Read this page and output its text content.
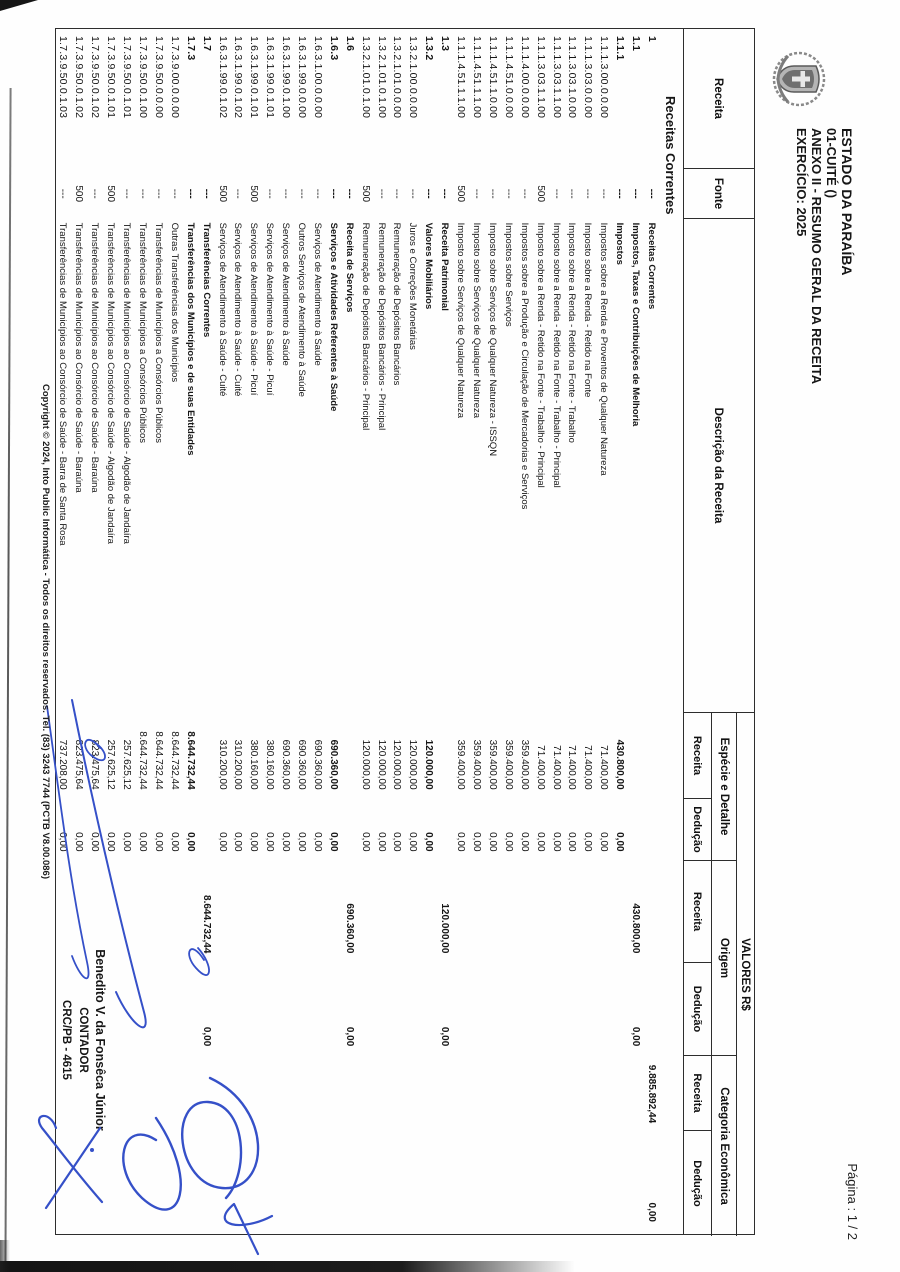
ESTADO DA PARAÍBA
01-CUITÉ ()
ANEXO II - RESUMO GERAL DA RECEITA
EXERCÍCIO: 2025
Página : 1 / 2
Receita
Fonte
Descrição da Receita
VALORES R$
Espécie e Detalhe
Origem
Categoria Econômica
Receita
Dedução
Receita
Dedução
Receita
Dedução
Receitas Correntes
1
---
Receitas Correntes
9.885.892,44
0,00
1.1
---
Impostos, Taxas e Contribuições de Melhoria
430.800,00
0,00
1.1.1
---
Impostos
430.800,00
0,00
1.1.1.3.00.0.0.00
---
Impostos sobre a Renda e Proventos de Qualquer Natureza
71.400,00
0,00
1.1.1.3.03.0.0.00
---
Imposto sobre a Renda - Retido na Fonte
71.400,00
0,00
1.1.1.3.03.1.0.00
---
Imposto sobre a Renda - Retido na Fonte - Trabalho
71.400,00
0,00
1.1.1.3.03.1.1.00
---
Imposto sobre a Renda - Retido na Fonte - Trabalho - Principal
71.400,00
0,00
1.1.1.3.03.1.1.00
500
Imposto sobre a Renda - Retido na Fonte - Trabalho - Principal
71.400,00
0,00
1.1.1.4.00.0.0.00
---
Impostos sobre a Produção e Circulação de Mercadorias e Serviços
359.400,00
0,00
1.1.1.4.51.0.0.00
---
Impostos sobre Serviços
359.400,00
0,00
1.1.1.4.51.1.0.00
---
Imposto sobre Serviços de Qualquer Natureza - ISSQN
359.400,00
0,00
1.1.1.4.51.1.1.00
---
Imposto sobre Serviços de Qualquer Natureza
359.400,00
0,00
1.1.1.4.51.1.1.00
500
Imposto sobre Serviços de Qualquer Natureza
359.400,00
0,00
1.3
---
Receita Patrimonial
120.000,00
0,00
1.3.2
---
Valores Mobiliários
120.000,00
0,00
1.3.2.1.00.0.0.00
---
Juros e Correções Monetárias
120.000,00
0,00
1.3.2.1.01.0.0.00
---
Remuneração de Depósitos Bancários
120.000,00
0,00
1.3.2.1.01.0.1.00
---
Remuneração de Depósitos Bancários - Principal
120.000,00
0,00
1.3.2.1.01.0.1.00
500
Remuneração de Depósitos Bancários - Principal
120.000,00
0,00
1.6
---
Receita de Serviços
690.360,00
0,00
1.6.3
---
Serviços e Atividades Referentes à Saúde
690.360,00
0,00
1.6.3.1.00.0.0.00
---
Serviços de Atendimento à Saúde
690.360,00
0,00
1.6.3.1.99.0.0.00
---
Outros Serviços de Atendimento à Saúde
690.360,00
0,00
1.6.3.1.99.0.1.00
---
Serviços de Atendimento à Saúde
690.360,00
0,00
1.6.3.1.99.0.1.01
---
Serviços de Atendimento à Saúde - Picuí
380.160,00
0,00
1.6.3.1.99.0.1.01
500
Serviços de Atendimento à Saúde - Picuí
380.160,00
0,00
1.6.3.1.99.0.1.02
---
Serviços de Atendimento à Saúde - Cuité
310.200,00
0,00
1.6.3.1.99.0.1.02
500
Serviços de Atendimento à Saúde - Cuité
310.200,00
0,00
1.7
---
Transferências Correntes
8.644.732,44
0,00
1.7.3
---
Transferências dos Municípios e de suas Entidades
8.644.732,44
0,00
1.7.3.9.00.0.0.00
---
Outras Transferências dos Municípios
8.644.732,44
0,00
1.7.3.9.50.0.0.00
---
Transferências de Municípios a Consórcios Públicos
8.644.732,44
0,00
1.7.3.9.50.0.1.00
---
Transferências de Municípios a Consórcios Públicos
8.644.732,44
0,00
1.7.3.9.50.0.1.01
---
Transferências de Municípios ao Consórcio de Saúde - Algodão de Jandaíra
257.625,12
0,00
1.7.3.9.50.0.1.01
500
Transferências de Municípios ao Consórcio de Saúde - Algodão de Jandaíra
257.625,12
0,00
1.7.3.9.50.0.1.02
---
Transferências de Municípios ao Consórcio de Saúde - Baraúna
823.475,64
0,00
1.7.3.9.50.0.1.02
500
Transferências de Municípios ao Consórcio de Saúde - Baraúna
823.475,64
0,00
1.7.3.9.50.0.1.03
---
Transferências de Municípios ao Consórcio de Saúde - Barra de Santa Rosa
737.208,00
0,00
Benedito V. da Fonsêca Júnior
CONTADOR
CRC/PB - 4615
Copyright © 2024, Into Public Informática - Todos os direitos reservados. Tel. (83) 3243 7744 (PCTB V8.00.086)
